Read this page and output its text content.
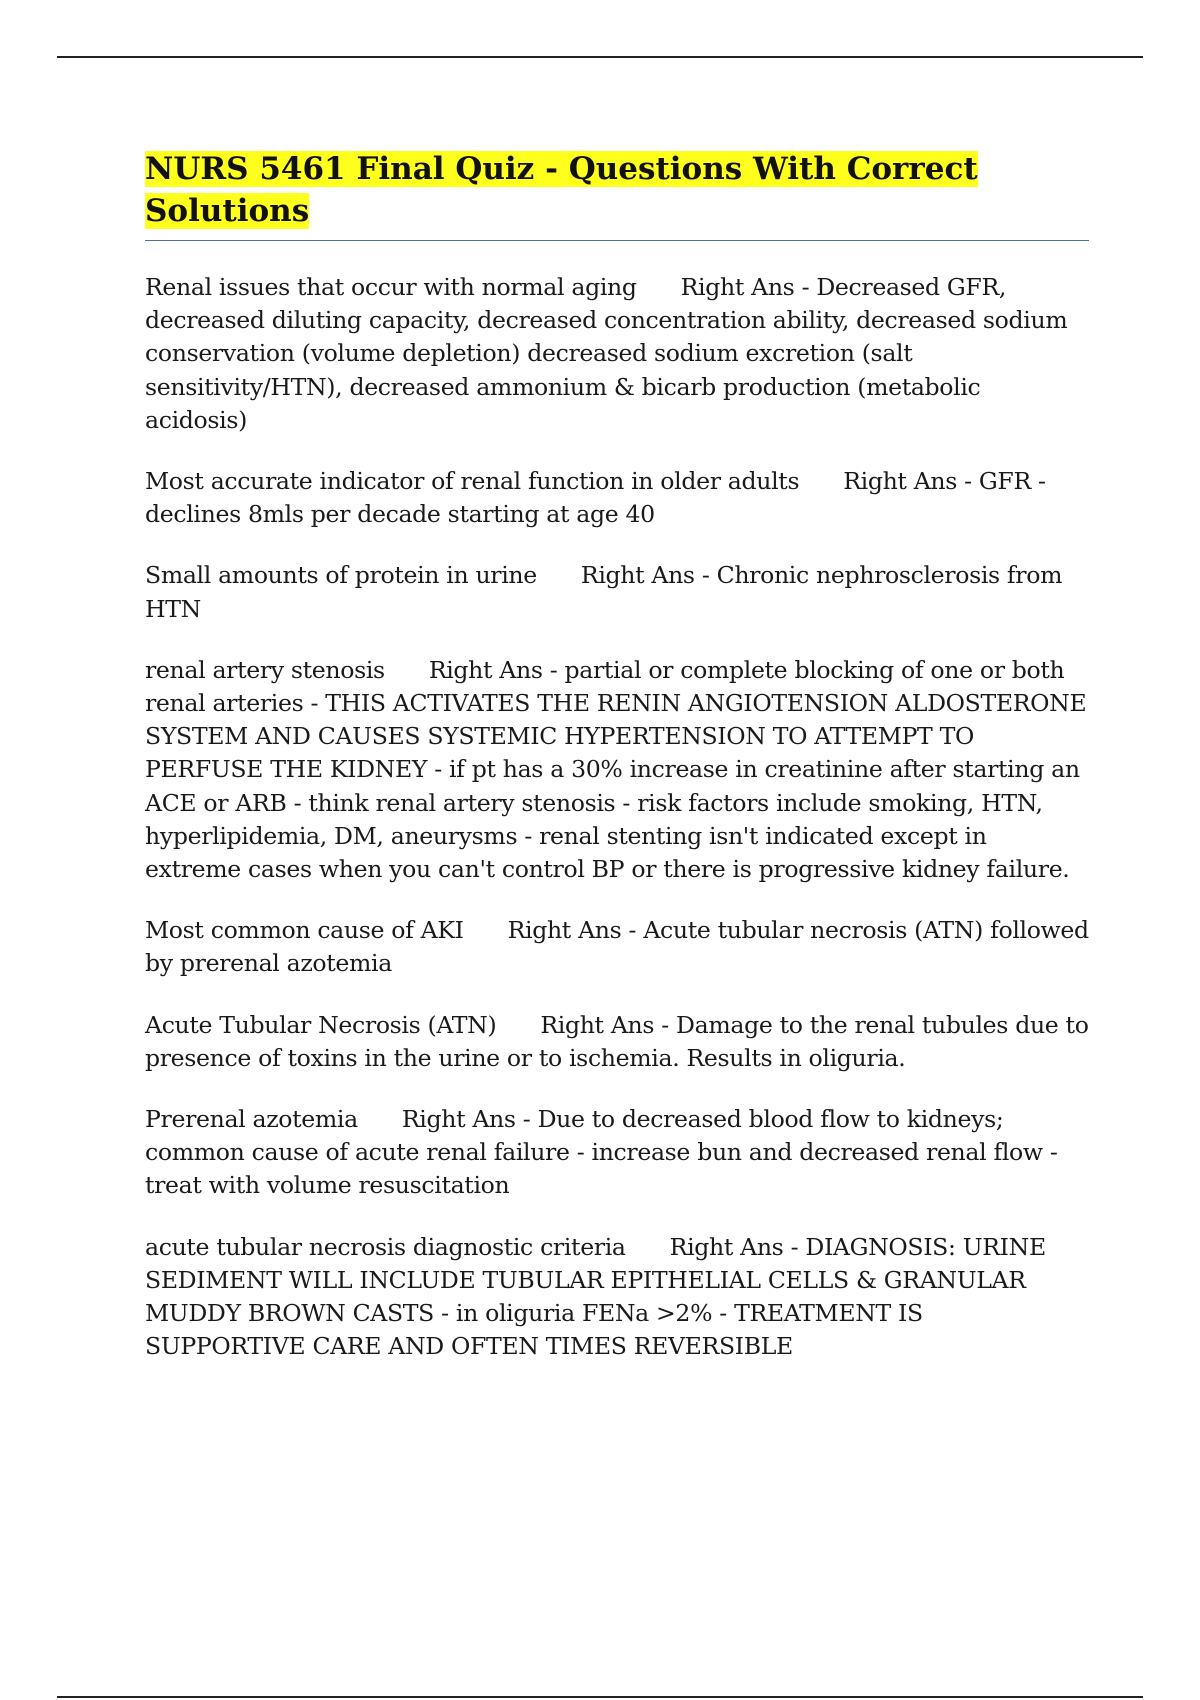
NURS 5461 Final Quiz - Questions With Correct
Solutions

Renal issues that occur with normal aging Right Ans - Decreased GFR, decreased diluting capacity, decreased concentration ability, decreased sodium conservation (volume depletion) decreased sodium excretion (salt sensitivity/HTN), decreased ammonium & bicarb production (metabolic acidosis)

Most accurate indicator of renal function in older adults Right Ans - GFR - declines 8mls per decade starting at age 40

Small amounts of protein in urine Right Ans - Chronic nephrosclerosis from HTN

renal artery stenosis Right Ans - partial or complete blocking of one or both renal arteries - THIS ACTIVATES THE RENIN ANGIOTENSION ALDOSTERONE SYSTEM AND CAUSES SYSTEMIC HYPERTENSION TO ATTEMPT TO PERFUSE THE KIDNEY - if pt has a 30% increase in creatinine after starting an ACE or ARB - think renal artery stenosis - risk factors include smoking, HTN, hyperlipidemia, DM, aneurysms - renal stenting isn't indicated except in extreme cases when you can't control BP or there is progressive kidney failure.

Most common cause of AKI Right Ans - Acute tubular necrosis (ATN) followed by prerenal azotemia

Acute Tubular Necrosis (ATN) Right Ans - Damage to the renal tubules due to presence of toxins in the urine or to ischemia. Results in oliguria.

Prerenal azotemia Right Ans - Due to decreased blood flow to kidneys; common cause of acute renal failure - increase bun and decreased renal flow - treat with volume resuscitation

acute tubular necrosis diagnostic criteria Right Ans - DIAGNOSIS: URINE SEDIMENT WILL INCLUDE TUBULAR EPITHELIAL CELLS & GRANULAR MUDDY BROWN CASTS - in oliguria FENa >2% - TREATMENT IS SUPPORTIVE CARE AND OFTEN TIMES REVERSIBLE
